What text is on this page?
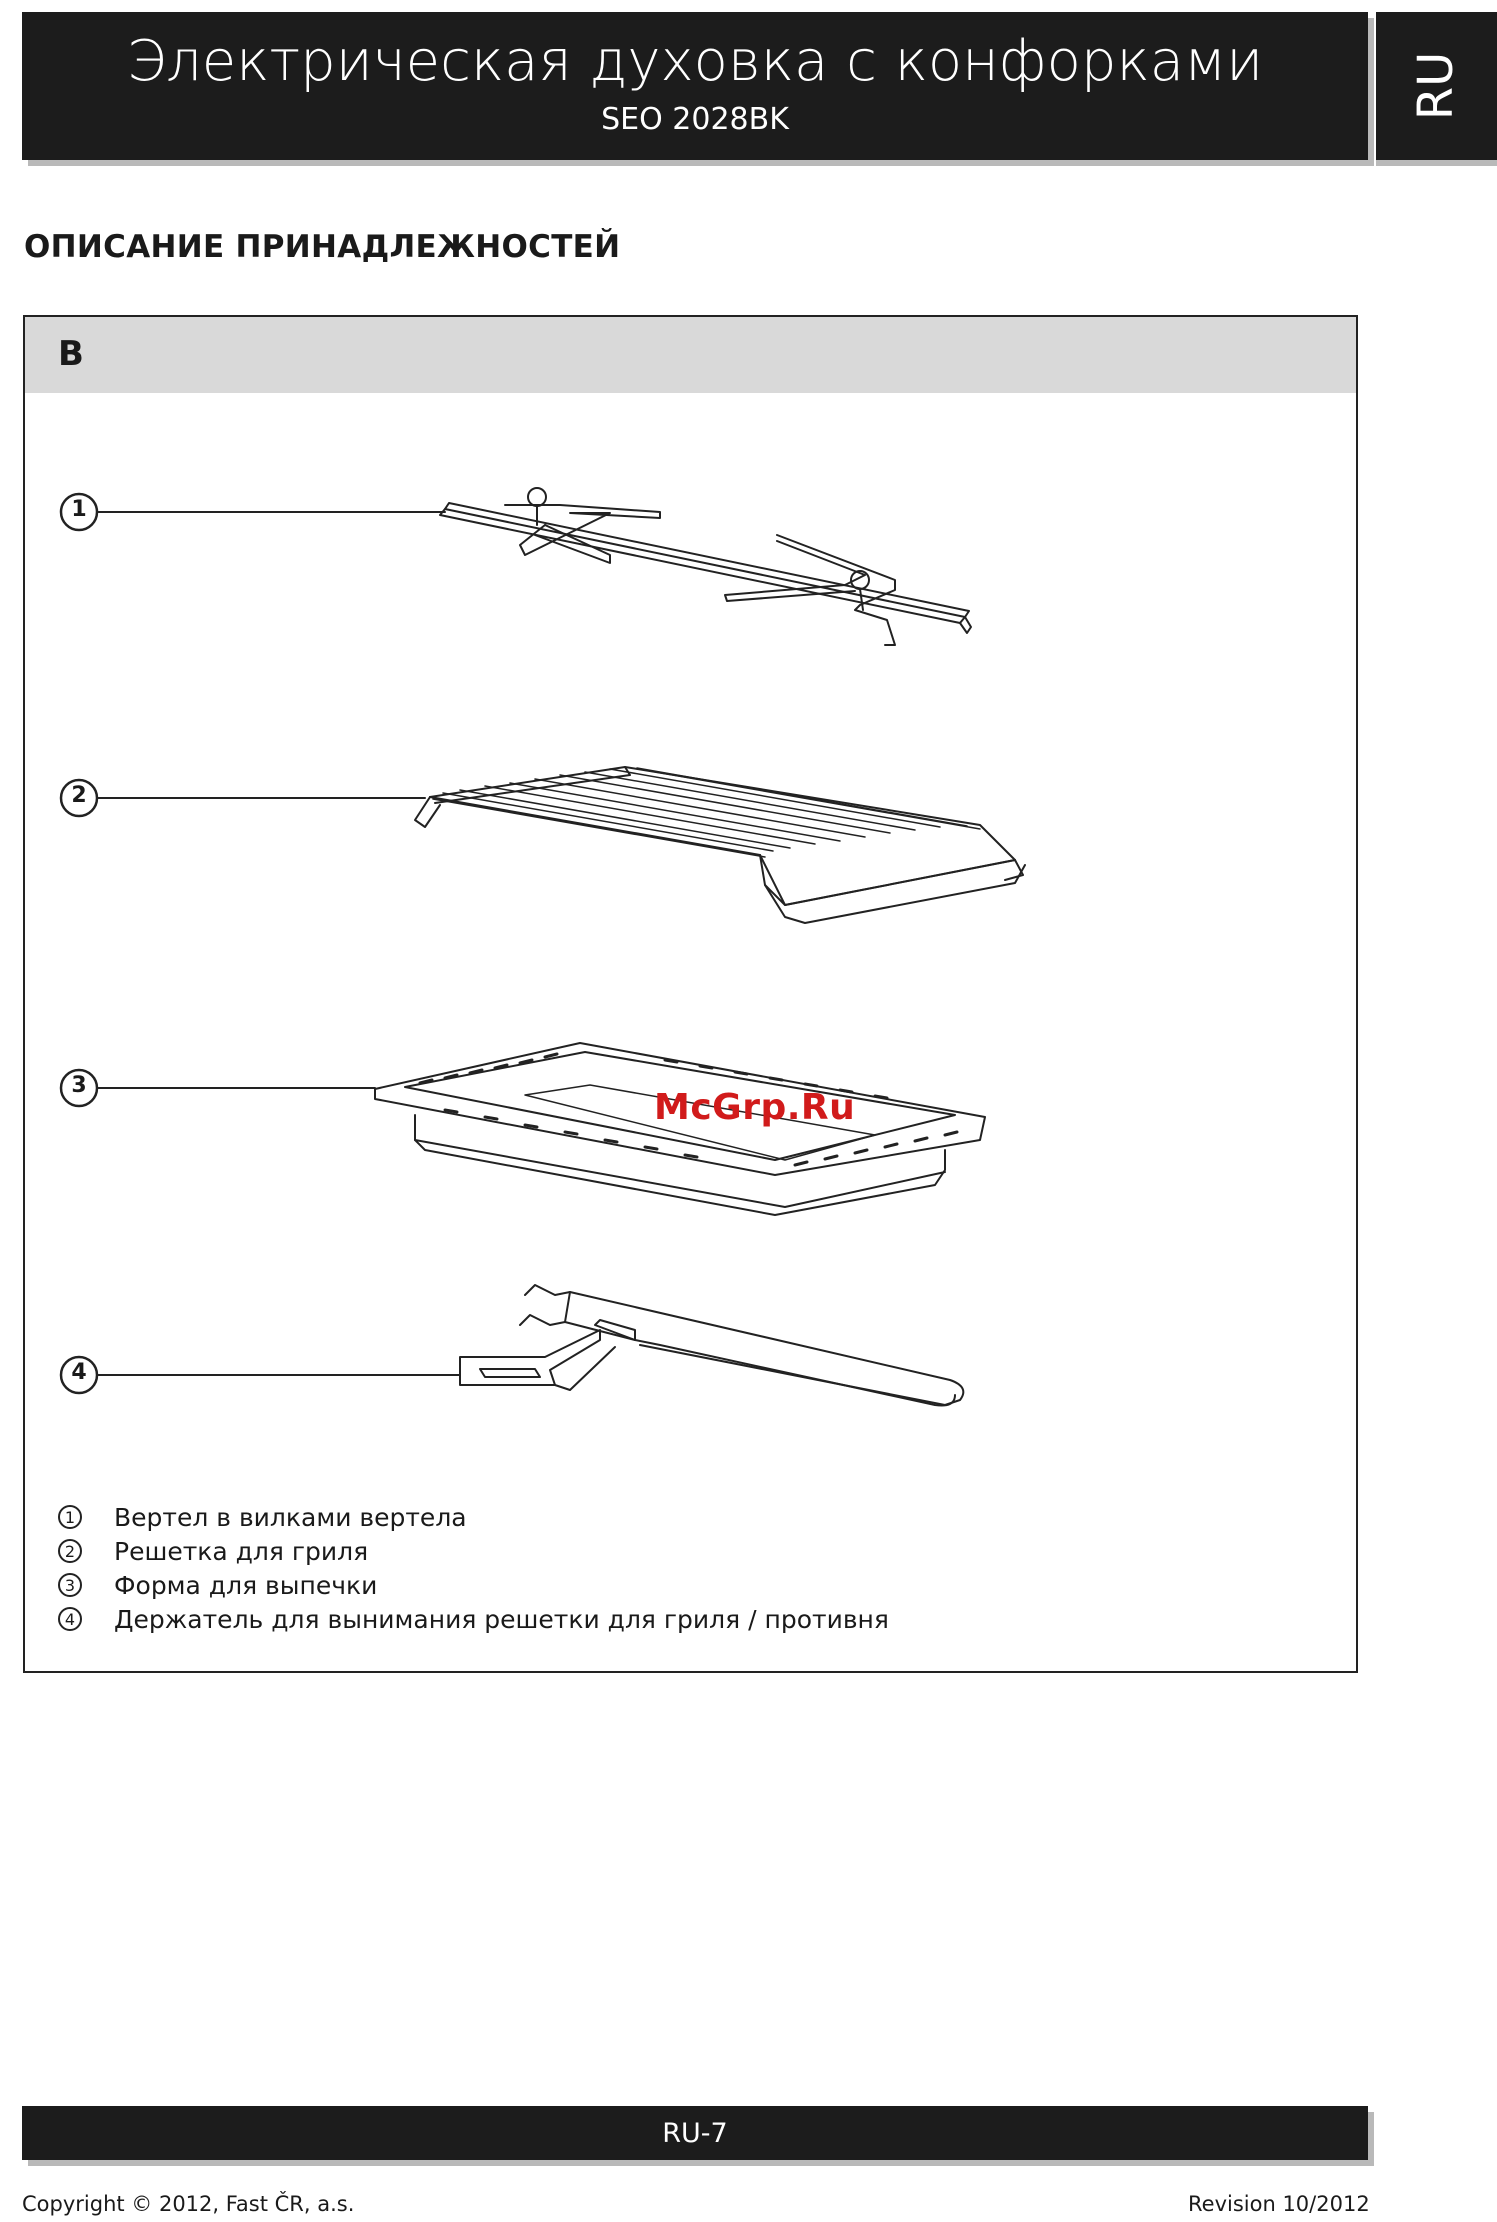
Электрическая духовка с конфорками
SEO 2028BK	RU
ОПИСАНИЕ ПРИНАДЛЕЖНОСТЕЙ
B
McGrp.Ru
1 Вертел в вилками вертела
2 Решетка для гриля
3 Форма для выпечки
4 Держатель для вынимания решетки для гриля / противня
1
2
3
4
RU-7
Copyright © 2012, Fast ČR, a.s.	Revision 10/2012
